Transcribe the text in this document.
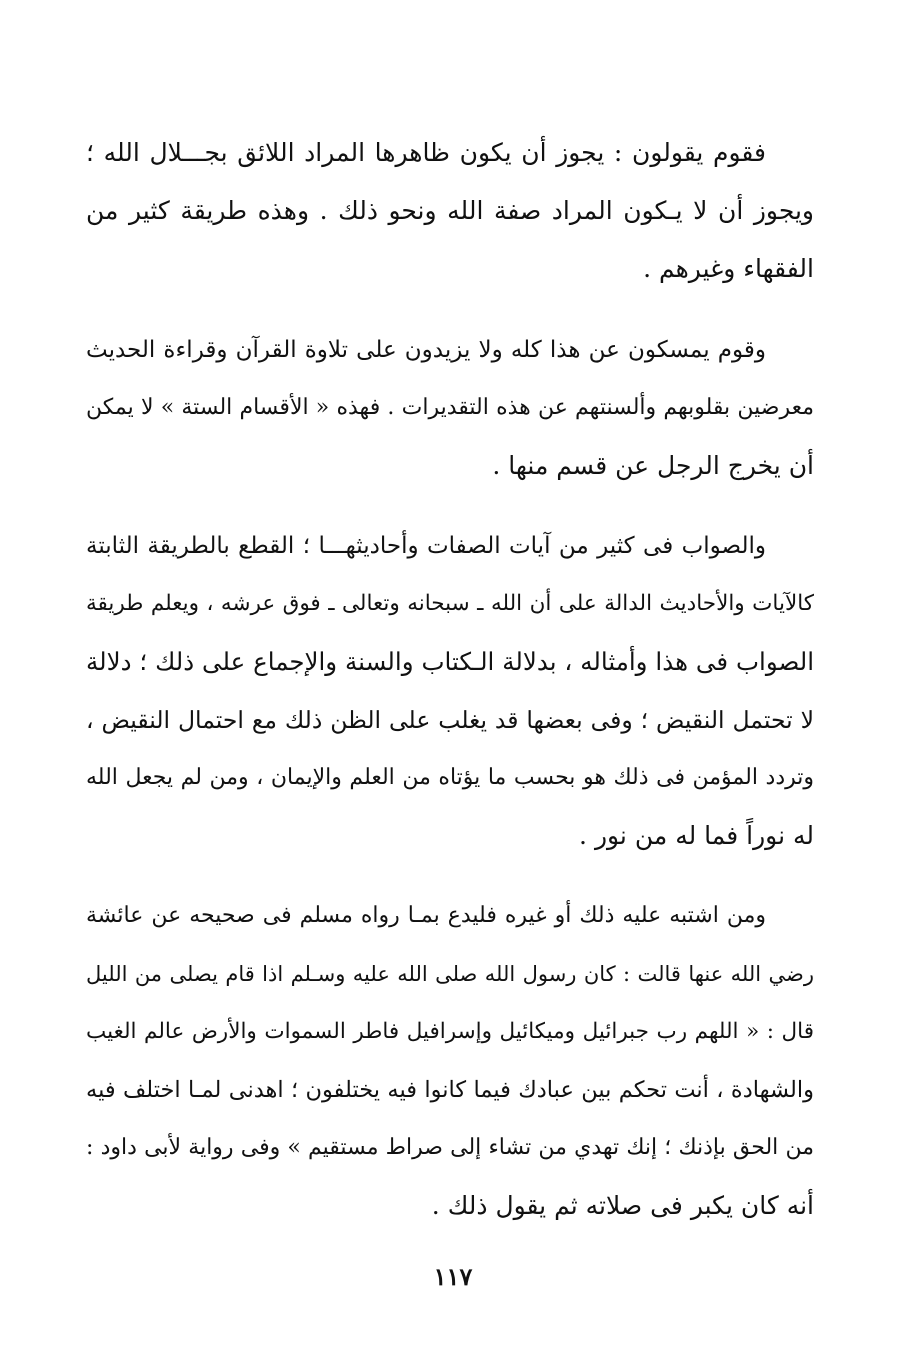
فقوم يقولون : يجوز أن يكون ظاهرها المراد اللائق بجـــلال الله ؛
ويجوز أن لا يـكون المراد صفة الله ونحو ذلك . وهذه طريقة كثير من
الفقهاء وغيرهم .
وقوم يمسكون عن هذا كله ولا يزيدون على تلاوة القرآن وقراءة الحديث
معرضين بقلوبهم وألسنتهم عن هذه التقديرات . فهذه « الأقسام الستة » لا يمكن
أن يخرج الرجل عن قسم منها .
والصواب فى كثير من آيات الصفات وأحاديثهـــا ؛ القطع بالطريقة الثابتة
كالآيات والأحاديث الدالة على أن الله ـ سبحانه وتعالى ـ فوق عرشه ، ويعلم طريقة
الصواب فى هذا وأمثاله ، بدلالة الـكتاب والسنة والإجماع على ذلك ؛ دلالة
لا تحتمل النقيض ؛ وفى بعضها قد يغلب على الظن ذلك مع احتمال النقيض ،
وتردد المؤمن فى ذلك هو بحسب ما يؤتاه من العلم والإيمان ، ومن لم يجعل الله
له نوراً فما له من نور .
ومن اشتبه عليه ذلك أو غيره فليدع بمـا رواه مسلم فى صحيحه عن عائشة
رضي الله عنها قالت : كان رسول الله صلى الله عليه وسـلم اذا قام يصلى من الليل
قال : « اللهم رب جبرائيل وميكائيل وإسرافيل فاطر السموات والأرض عالم الغيب
والشهادة ، أنت تحكم بين عبادك فيما كانوا فيه يختلفون ؛ اهدنى لمـا اختلف فيه
من الحق بإذنك ؛ إنك تهدي من تشاء إلى صراط مستقيم » وفى رواية لأبى داود :
أنه كان يكبر فى صلاته ثم يقول ذلك .
١١٧
